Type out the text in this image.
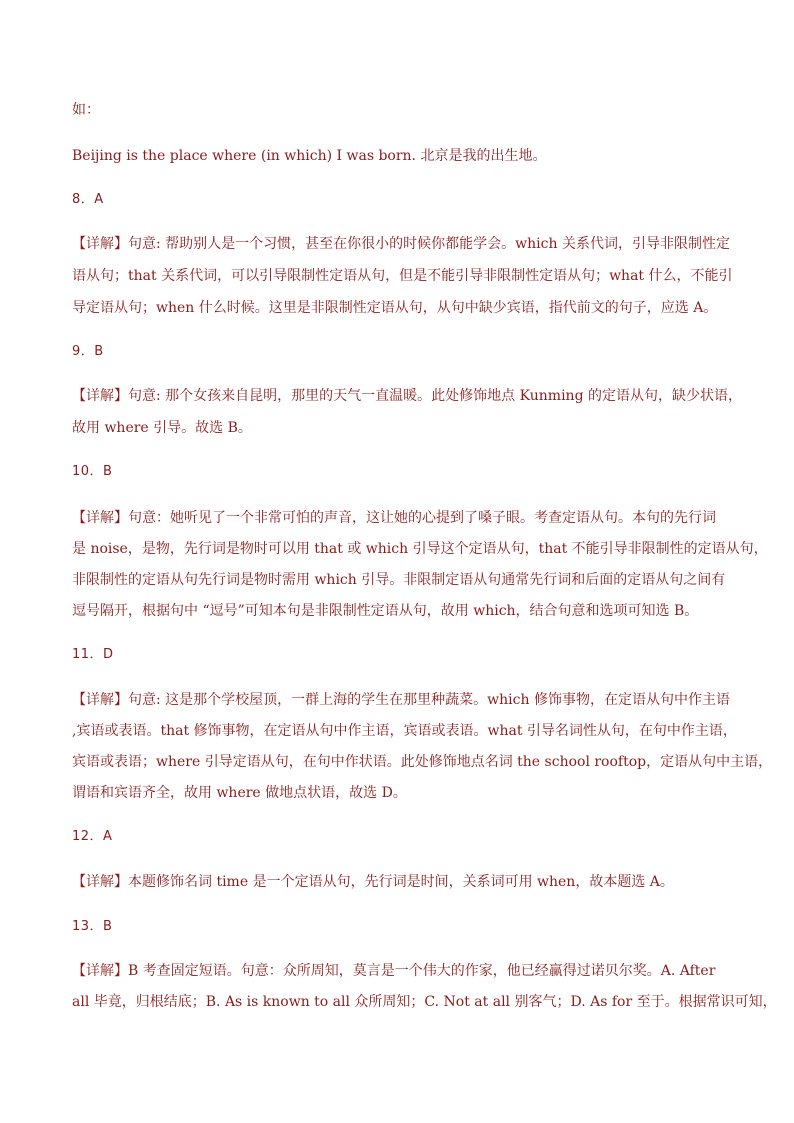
如：
Beijing is the place where (in which) I was born. 北京是我的出生地。
8．A
【详解】句意: 帮助别人是一个习惯，甚至在你很小的时候你都能学会。which 关系代词，引导非限制性定
语从句；that 关系代词，可以引导限制性定语从句，但是不能引导非限制性定语从句；what 什么，不能引
导定语从句；when 什么时候。这里是非限制性定语从句，从句中缺少宾语，指代前文的句子，应选 A。
9．B
【详解】句意: 那个女孩来自昆明，那里的天气一直温暖。此处修饰地点 Kunming 的定语从句，缺少状语，
故用 where 引导。故选 B。
10．B
【详解】句意：她听见了一个非常可怕的声音，这让她的心提到了嗓子眼。考查定语从句。本句的先行词
是 noise，是物，先行词是物时可以用 that 或 which 引导这个定语从句，that 不能引导非限制性的定语从句，
非限制性的定语从句先行词是物时需用 which 引导。非限制定语从句通常先行词和后面的定语从句之间有
逗号隔开，根据句中 “逗号”可知本句是非限制性定语从句，故用 which，结合句意和选项可知选 B。
11．D
【详解】句意: 这是那个学校屋顶，一群上海的学生在那里种蔬菜。which 修饰事物，在定语从句中作主语
,宾语或表语。that 修饰事物，在定语从句中作主语，宾语或表语。what 引导名词性从句，在句中作主语，
宾语或表语；where 引导定语从句，在句中作状语。此处修饰地点名词 the school rooftop，定语从句中主语，
谓语和宾语齐全，故用 where 做地点状语，故选 D。
12．A
【详解】本题修饰名词 time 是一个定语从句，先行词是时间，关系词可用 when，故本题选 A。
13．B
【详解】B 考查固定短语。句意：众所周知，莫言是一个伟大的作家，他已经赢得过诺贝尔奖。A. After
all 毕竟，归根结底；B. As is known to all 众所周知；C. Not at all 别客气；D. As for 至于。根据常识可知，
